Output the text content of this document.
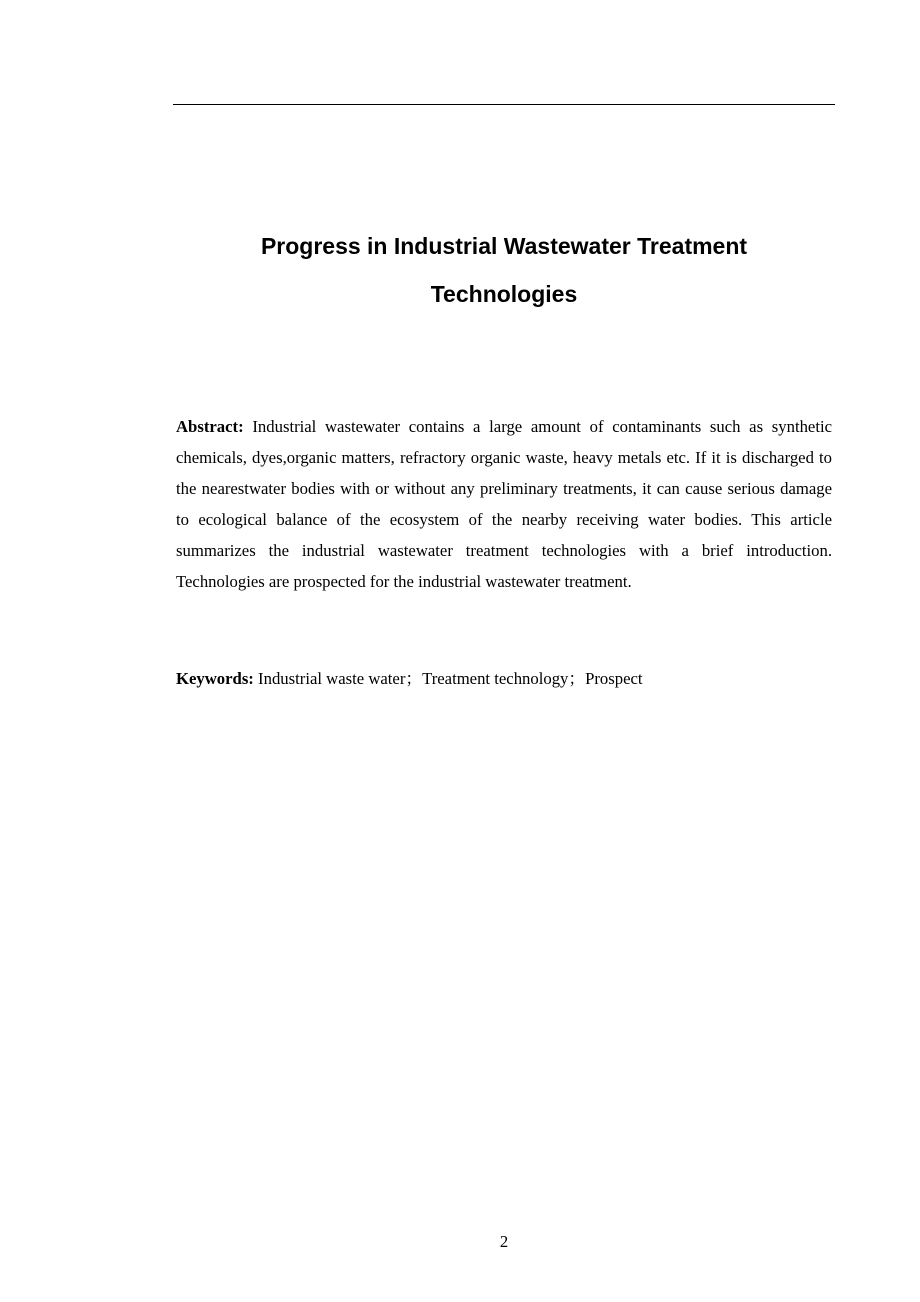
Progress in Industrial Wastewater Treatment
Technologies

Abstract: Industrial wastewater contains a large amount of contaminants such as synthetic chemicals, dyes,organic matters, refractory organic waste, heavy metals etc. If it is discharged to the nearestwater bodies with or without any preliminary treatments, it can cause serious damage to ecological balance of the ecosystem of the nearby receiving water bodies. This article summarizes the industrial wastewater treatment technologies with a brief introduction. Technologies are prospected for the industrial wastewater treatment.

Keywords: Industrial waste water；Treatment technology；Prospect

2
